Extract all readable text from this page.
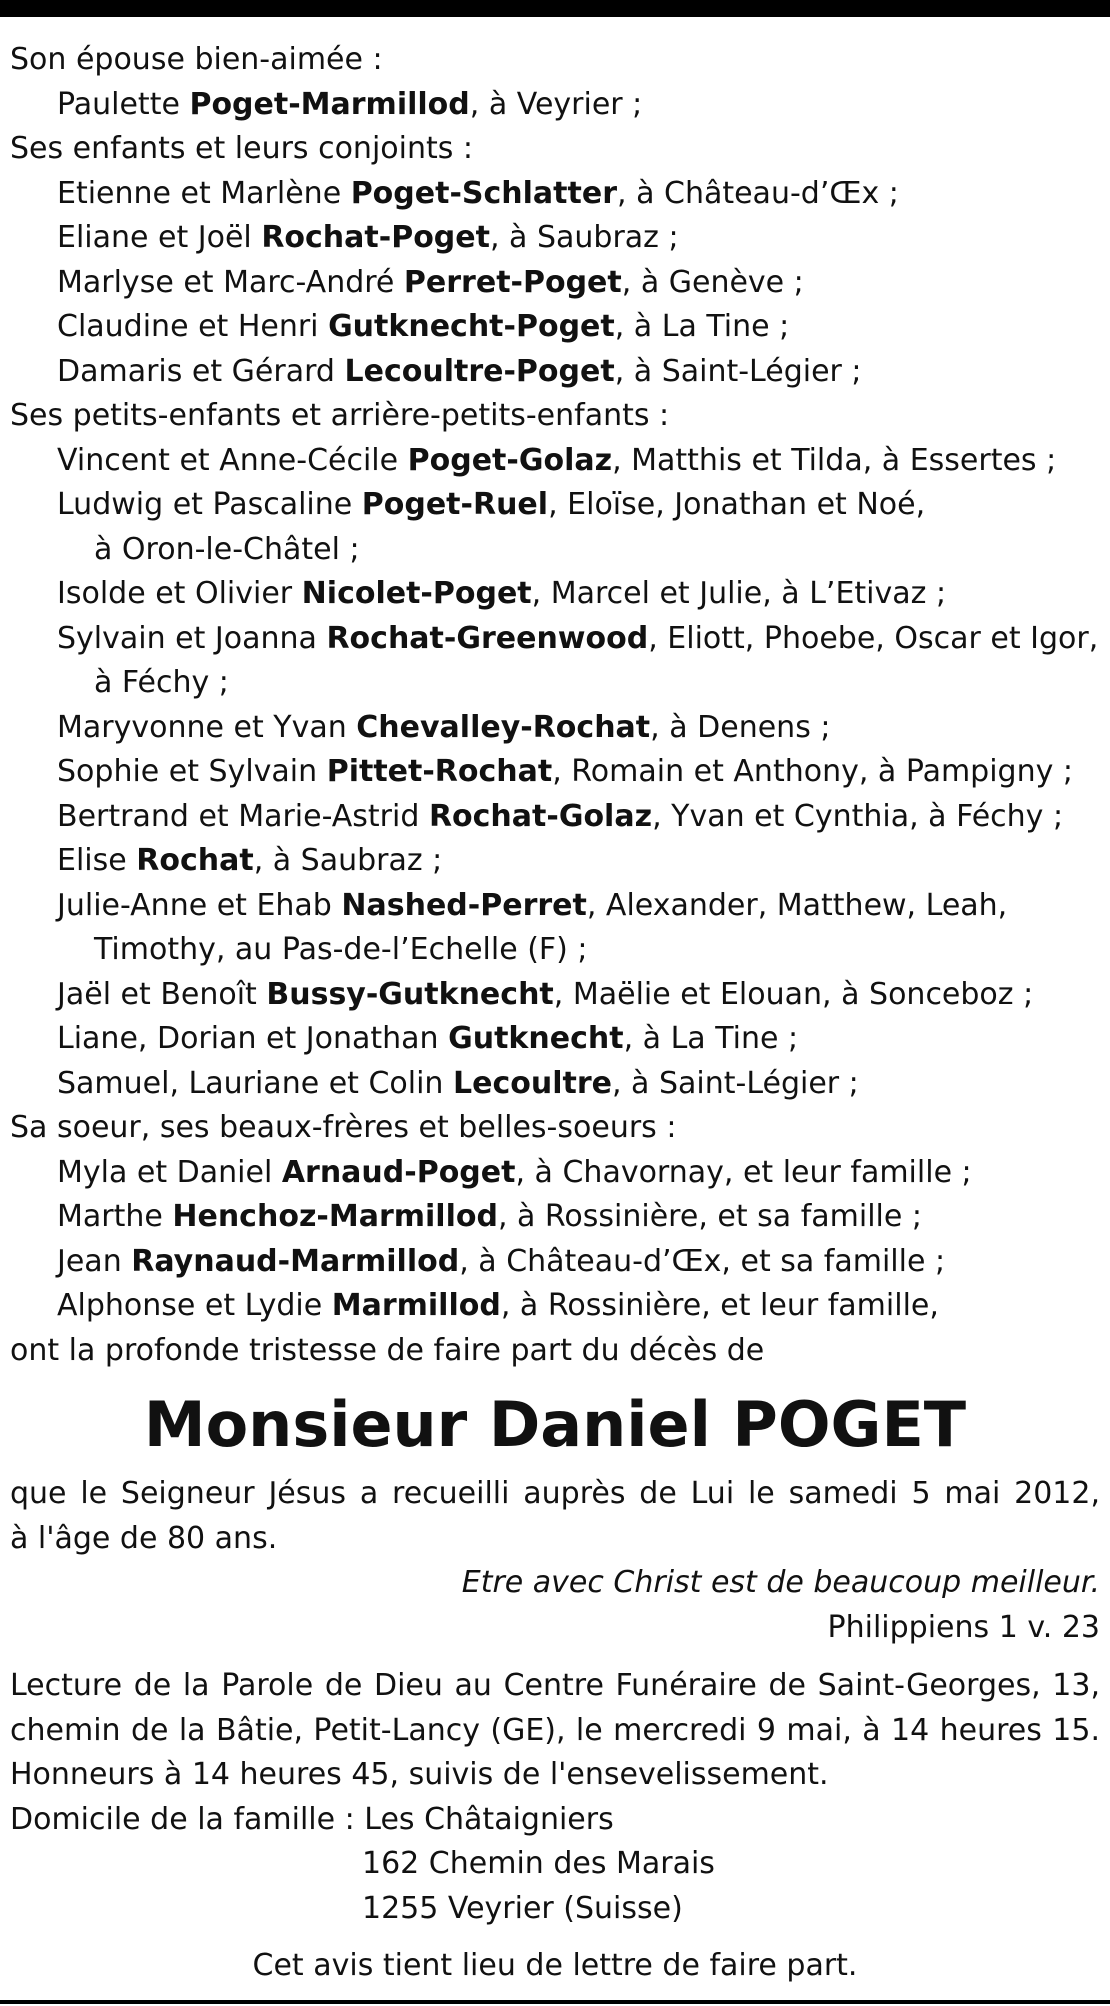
Son épouse bien-aimée :
Paulette Poget-Marmillod, à Veyrier ;
Ses enfants et leurs conjoints :
Etienne et Marlène Poget-Schlatter, à Château-d’Œx ;
Eliane et Joël Rochat-Poget, à Saubraz ;
Marlyse et Marc-André Perret-Poget, à Genève ;
Claudine et Henri Gutknecht-Poget, à La Tine ;
Damaris et Gérard Lecoultre-Poget, à Saint-Légier ;
Ses petits-enfants et arrière-petits-enfants :
Vincent et Anne-Cécile Poget-Golaz, Matthis et Tilda, à Essertes ;
Ludwig et Pascaline Poget-Ruel, Eloïse, Jonathan et Noé,
à Oron-le-Châtel ;
Isolde et Olivier Nicolet-Poget, Marcel et Julie, à L’Etivaz ;
Sylvain et Joanna Rochat-Greenwood, Eliott, Phoebe, Oscar et Igor,
à Féchy ;
Maryvonne et Yvan Chevalley-Rochat, à Denens ;
Sophie et Sylvain Pittet-Rochat, Romain et Anthony, à Pampigny ;
Bertrand et Marie-Astrid Rochat-Golaz, Yvan et Cynthia, à Féchy ;
Elise Rochat, à Saubraz ;
Julie-Anne et Ehab Nashed-Perret, Alexander, Matthew, Leah,
Timothy, au Pas-de-l’Echelle (F) ;
Jaël et Benoît Bussy-Gutknecht, Maëlie et Elouan, à Sonceboz ;
Liane, Dorian et Jonathan Gutknecht, à La Tine ;
Samuel, Lauriane et Colin Lecoultre, à Saint-Légier ;
Sa soeur, ses beaux-frères et belles-soeurs :
Myla et Daniel Arnaud-Poget, à Chavornay, et leur famille ;
Marthe Henchoz-Marmillod, à Rossinière, et sa famille ;
Jean Raynaud-Marmillod, à Château-d’Œx, et sa famille ;
Alphonse et Lydie Marmillod, à Rossinière, et leur famille,
ont la profonde tristesse de faire part du décès de
Monsieur Daniel POGET
que le Seigneur Jésus a recueilli auprès de Lui le samedi 5 mai 2012,
à l'âge de 80 ans.
Etre avec Christ est de beaucoup meilleur.
Philippiens 1 v. 23
Lecture de la Parole de Dieu au Centre Funéraire de Saint-Georges, 13,
chemin de la Bâtie, Petit-Lancy (GE), le mercredi 9 mai, à 14 heures 15.
Honneurs à 14 heures 45, suivis de l'ensevelissement.
Domicile de la famille : Les Châtaigniers
162 Chemin des Marais
1255 Veyrier (Suisse)
Cet avis tient lieu de lettre de faire part.
